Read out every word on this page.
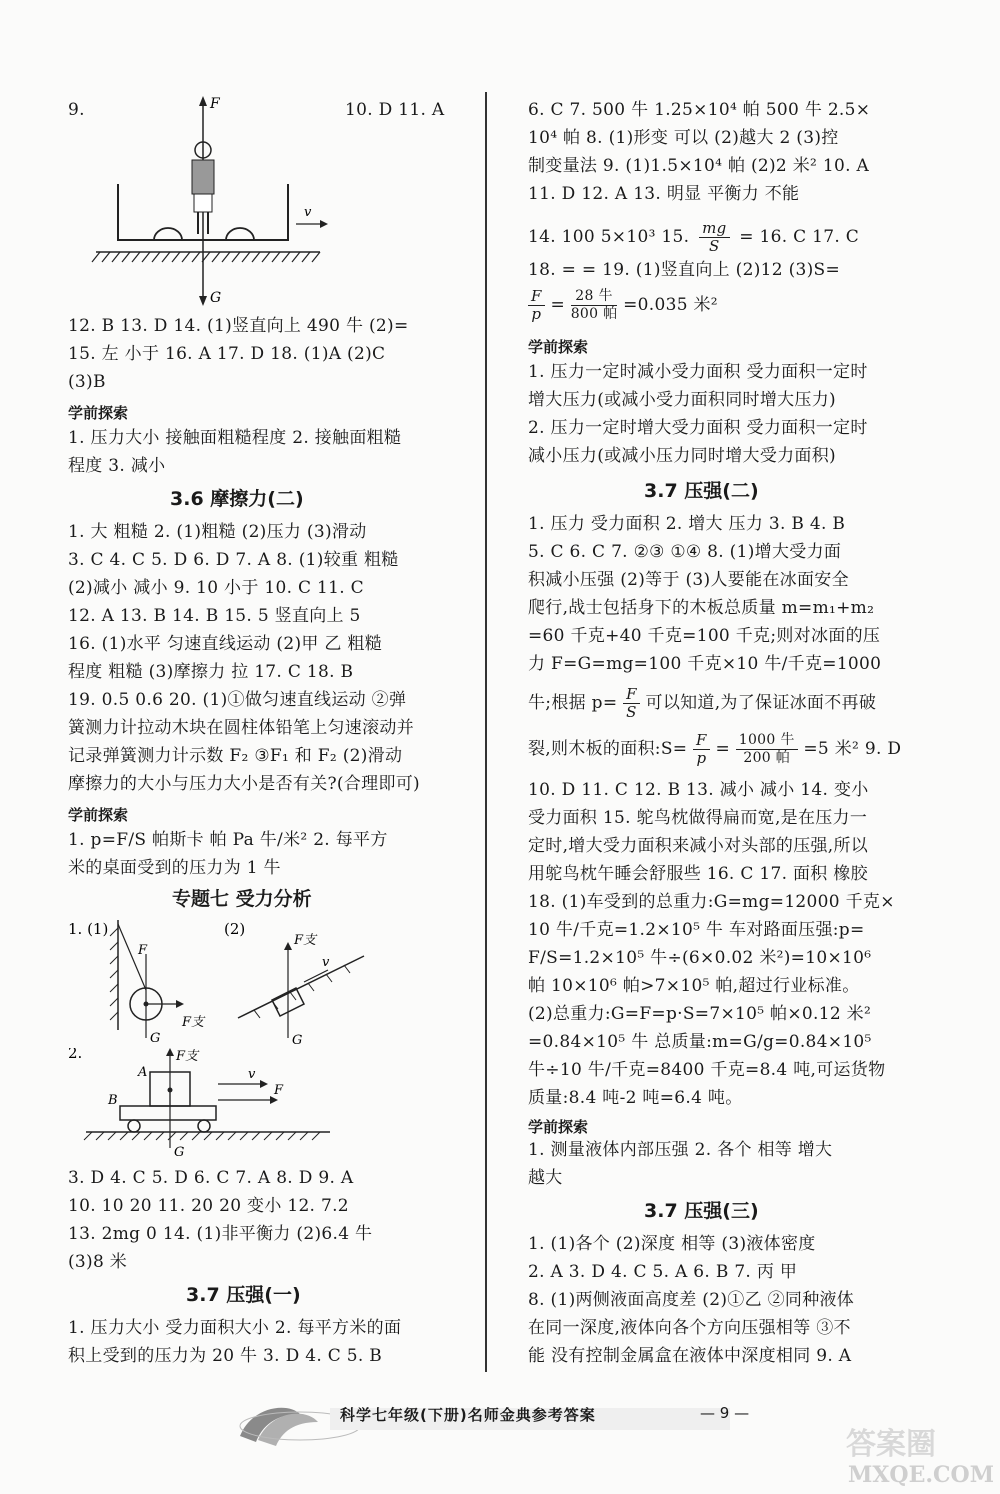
9.	10. D 11. A
F
G
v
12. B 13. D 14. (1)竖直向上 490 牛 (2)=
15. 左 小于 16. A 17. D 18. (1)A (2)C
(3)B
学前探索
1. 压力大小 接触面粗糙程度 2. 接触面粗糙
程度 3. 减小
3.6 摩擦力(二)
1. 大 粗糙 2. (1)粗糙 (2)压力 (3)滑动
3. C 4. C 5. D 6. D 7. A 8. (1)较重 粗糙
(2)减小 减小 9. 10 小于 10. C 11. C
12. A 13. B 14. B 15. 5 竖直向上 5
16. (1)水平 匀速直线运动 (2)甲 乙 粗糙
程度 粗糙 (3)摩擦力 拉 17. C 18. B
19. 0.5 0.6 20. (1)①做匀速直线运动 ②弹
簧测力计拉动木块在圆柱体铅笔上匀速滚动并
记录弹簧测力计示数 F₂ ③F₁ 和 F₂ (2)滑动
摩擦力的大小与压力大小是否有关?(合理即可)
学前探索
1. p=F/S 帕斯卡 帕 Pa 牛/米² 2. 每平方
米的桌面受到的压力为 1 牛
专题七 受力分析
1. (1)
F
F支
G
(2)
F支
v
G
2.	F支
A
B
v
F
G
3. D 4. C 5. D 6. C 7. A 8. D 9. A
10. 10 20 11. 20 20 变小 12. 7.2
13. 2mg 0 14. (1)非平衡力 (2)6.4 牛
(3)8 米
3.7 压强(一)
1. 压力大小 受力面积大小 2. 每平方米的面
积上受到的压力为 20 牛 3. D 4. C 5. B
6. C 7. 500 牛 1.25×10⁴ 帕 500 牛 2.5×
10⁴ 帕 8. (1)形变 可以 (2)越大 2 (3)控
制变量法 9. (1)1.5×10⁴ 帕 (2)2 米² 10. A
11. D 12. A 13. 明显 平衡力 不能
14. 100 5×10³ 15. $\frac{mg}{S} = 16$. C 17. C
18. = = 19. (1)竖直向上 (2)12 (3)S=
$\frac{F}{p} = 28$ 牛
800 帕 =0.035 米²
学前探索
1. 压力一定时减小受力面积 受力面积一定时
增大压力(或减小受力面积同时增大压力)
2. 压力一定时增大受力面积 受力面积一定时
减小压力(或减小压力同时增大受力面积)
3.7 压强(二)
1. 压力 受力面积 2. 增大 压力 3. B 4. B
5. C 6. C 7. ②③ ①④ 8. (1)增大受力面
积减小压强 (2)等于 (3)人要能在冰面安全
爬行,战士包括身下的木板总质量 m=m₁+m₂
=60 千克+40 千克=100 千克;则对冰面的压
力 F=G=mg=100 千克×10 牛/千克=1000
牛;根据 $p= \frac{F}{S}$ 可以知道,为了保证冰面不再破
裂,则木板的面积:S= $\frac{F}{p} = 1000$ 牛
200 帕 =5 米² 9. D
10. D 11. C 12. B 13. 减小 减小 14. 变小
受力面积 15. 鸵鸟枕做得扁而宽,是在压力一
定时,增大受力面积来减小对头部的压强,所以
用鸵鸟枕午睡会舒服些 16. C 17. 面积 橡胶
18. (1)车受到的总重力:G=mg=12000 千克×
10 牛/千克=1.2×10⁵ 牛 车对路面压强:p=
F/S=1.2×10⁵ 牛÷(6×0.02 米²)=10×10⁶
帕 10×10⁶ 帕>7×10⁵ 帕,超过行业标准。
(2)总重力:G=F=p·S=7×10⁵ 帕×0.12 米²
=0.84×10⁵ 牛 总质量:m=G/g=0.84×10⁵
牛÷10 牛/千克=8400 千克=8.4 吨,可运货物
质量:8.4 吨-2 吨=6.4 吨。
学前探索
1. 测量液体内部压强 2. 各个 相等 增大
越大
3.7 压强(三)
1. (1)各个 (2)深度 相等 (3)液体密度
2. A 3. D 4. C 5. A 6. B 7. 丙 甲
8. (1)两侧液面高度差 (2)①乙 ②同种液体
在同一深度,液体向各个方向压强相等 ③不
能 没有控制金属盒在液体中深度相同 9. A
科学七年级(下册)名师金典参考答案	— 9 —
答案圈
MXQE.COM
